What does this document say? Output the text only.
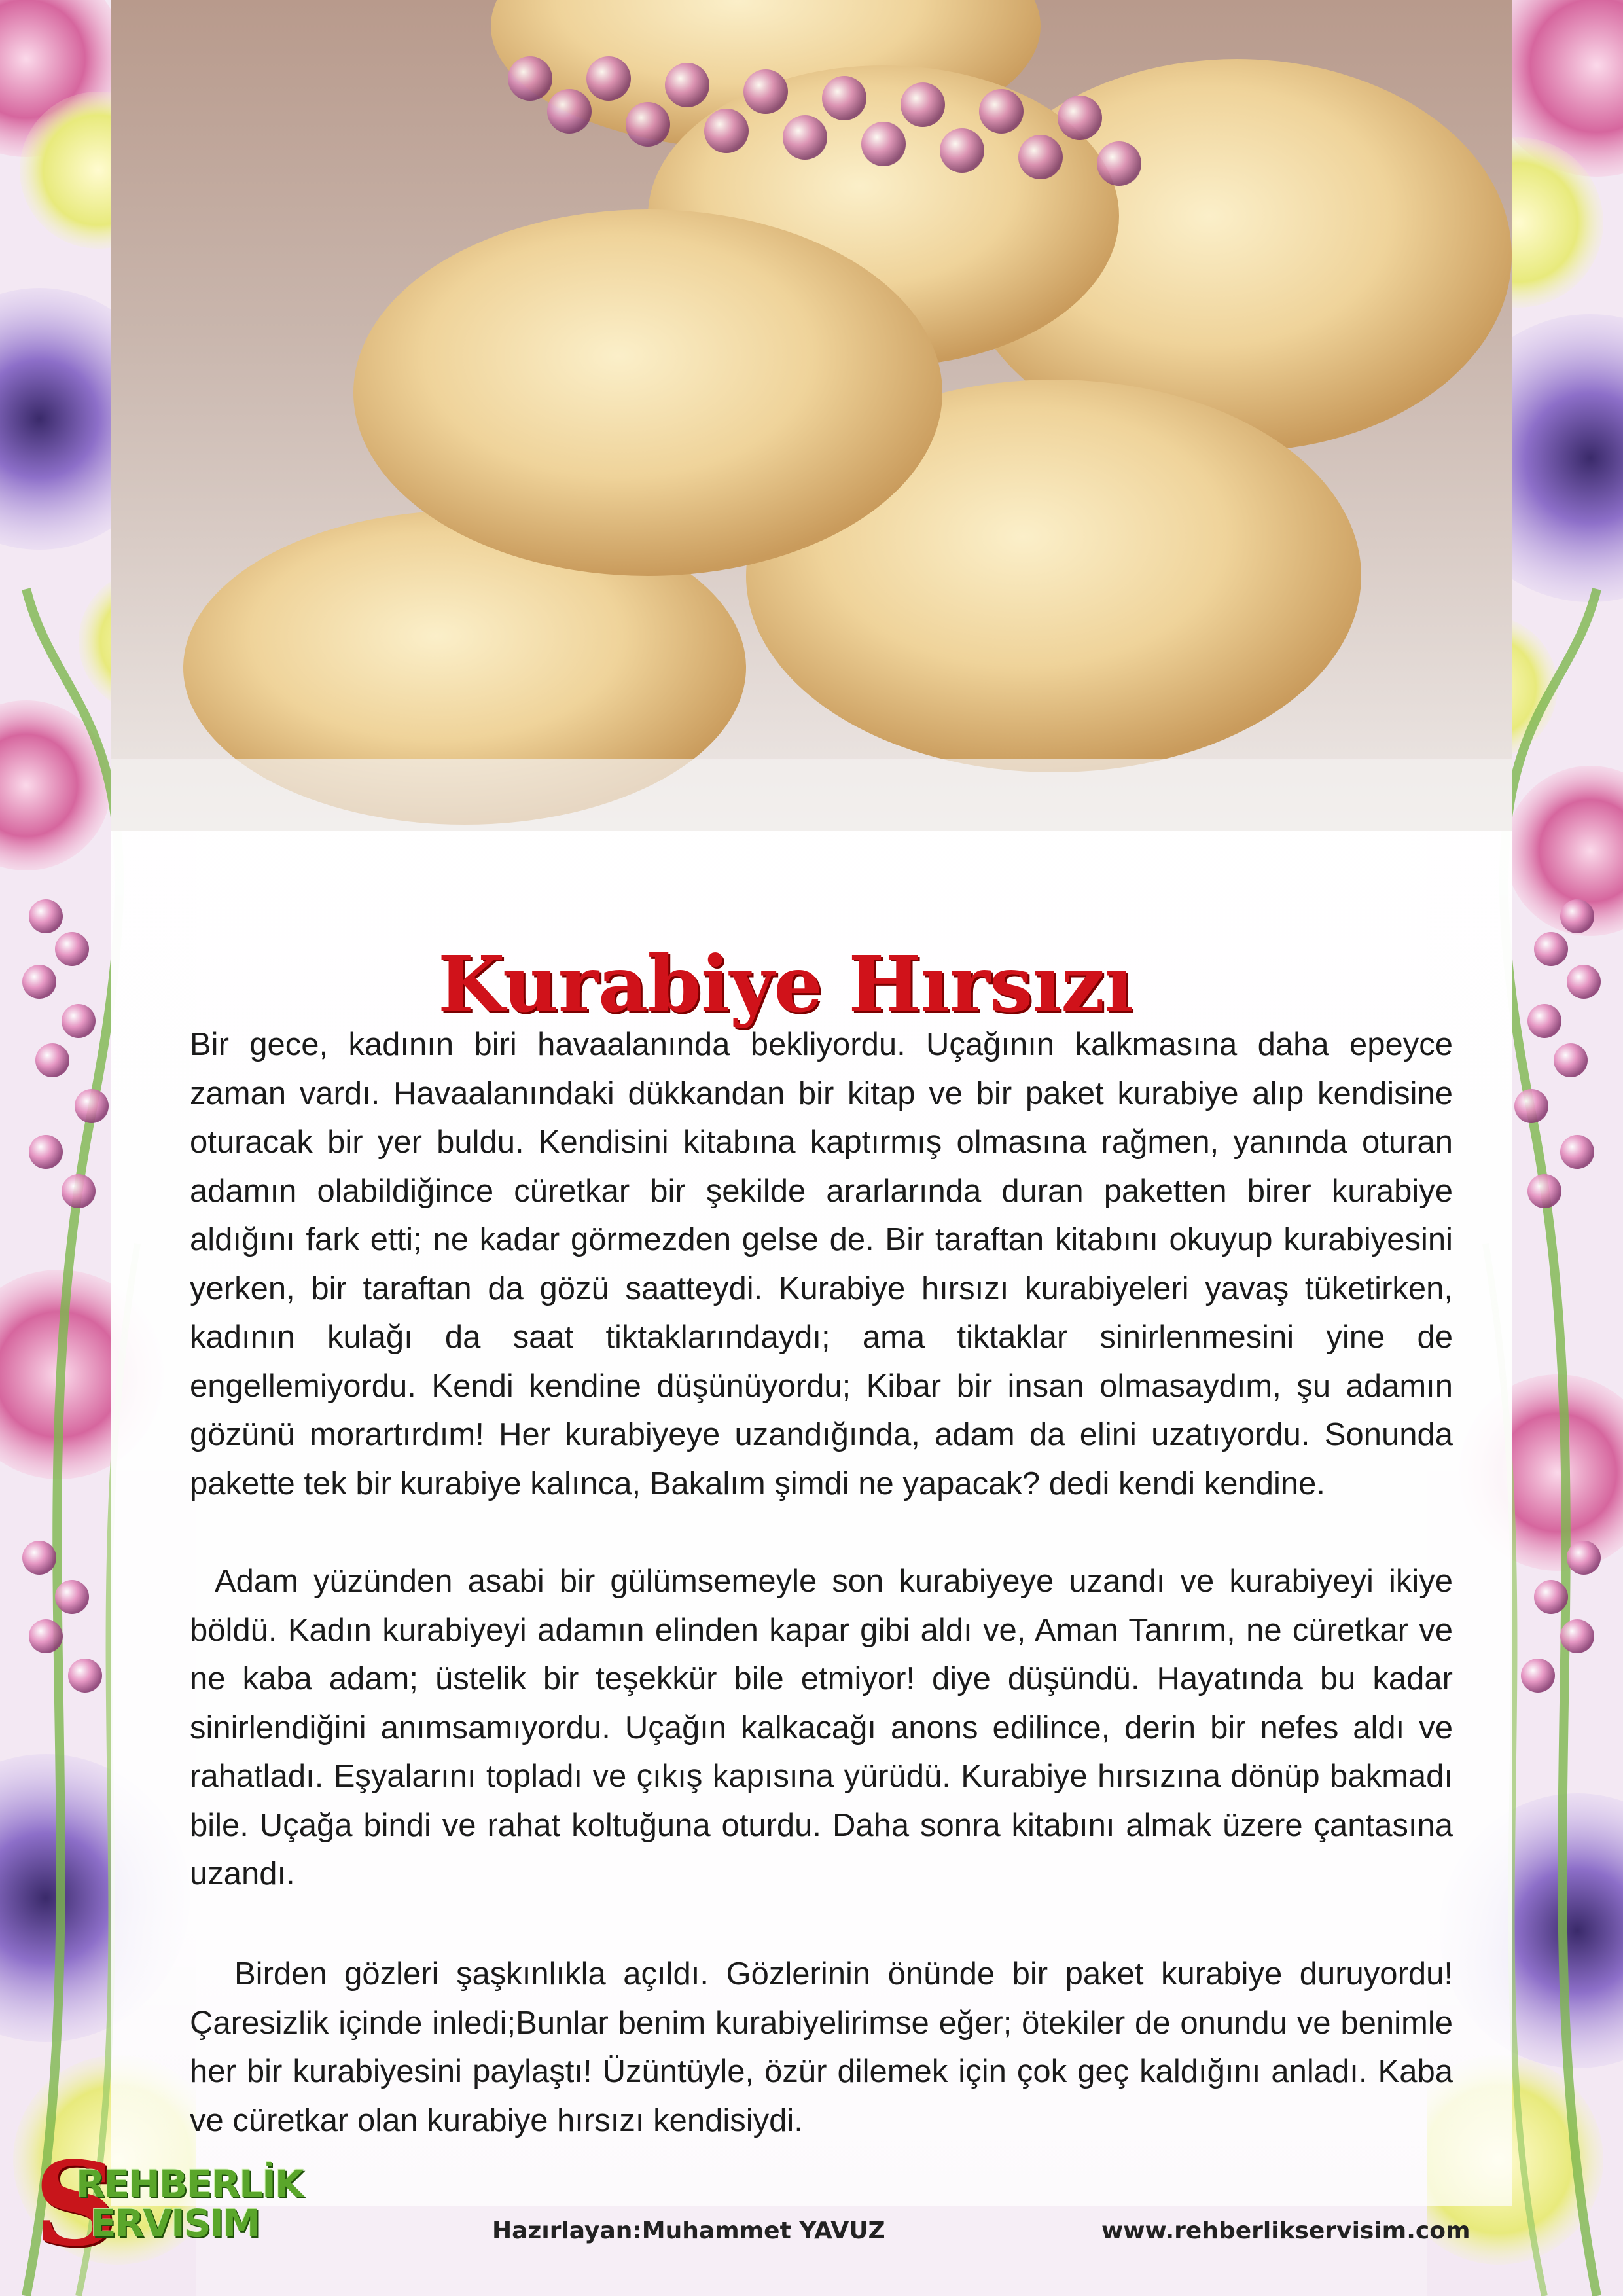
Kurabiye Hırsızı

Bir gece, kadının biri havaalanında bekliyordu. Uçağının kalkmasına daha epeyce zaman vardı. Havaalanındaki dükkandan bir kitap ve bir paket kurabiye alıp kendisine oturacak bir yer buldu. Kendisini kitabına kaptırmış olmasına rağmen, yanında oturan adamın olabildiğince cüretkar bir şekilde ararlarında duran paketten birer kurabiye aldığını fark etti; ne kadar görmezden gelse de. Bir taraftan kitabını okuyup kurabiyesini yerken, bir taraftan da gözü saatteydi. Kurabiye hırsızı kurabiyeleri yavaş tüketirken, kadının kulağı da saat tiktaklarındaydı; ama tiktaklar sinirlenmesini yine de engellemiyordu. Kendi kendine düşünüyordu; Kibar bir insan olmasaydım, şu adamın gözünü morartırdım! Her kurabiyeye uzandığında, adam da elini uzatıyordu. Sonunda pakette tek bir kurabiye kalınca, Bakalım şimdi ne yapacak? dedi kendi kendine.

Adam yüzünden asabi bir gülümsemeyle son kurabiyeye uzandı ve kurabiyeyi ikiye böldü. Kadın kurabiyeyi adamın elinden kapar gibi aldı ve, Aman Tanrım, ne cüretkar ve ne kaba adam; üstelik bir teşekkür bile etmiyor! diye düşündü. Hayatında bu kadar sinirlendiğini anımsamıyordu. Uçağın kalkacağı anons edilince, derin bir nefes aldı ve rahatladı. Eşyalarını topladı ve çıkış kapısına yürüdü. Kurabiye hırsızına dönüp bakmadı bile. Uçağa bindi ve rahat koltuğuna oturdu. Daha sonra kitabını almak üzere çantasına uzandı.

Birden gözleri şaşkınlıkla açıldı. Gözlerinin önünde bir paket kurabiye duruyordu! Çaresizlik içinde inledi;Bunlar benim kurabiyelirimse eğer; ötekiler de onundu ve benimle her bir kurabiyesini paylaştı! Üzüntüyle, özür dilemek için çok geç kaldığını anladı. Kaba ve cüretkar olan kurabiye hırsızı kendisiydi.

S
REHBERLİK
ERVISIM	Hazırlayan:Muhammet YAVUZ	www.rehberlikservisim.com
